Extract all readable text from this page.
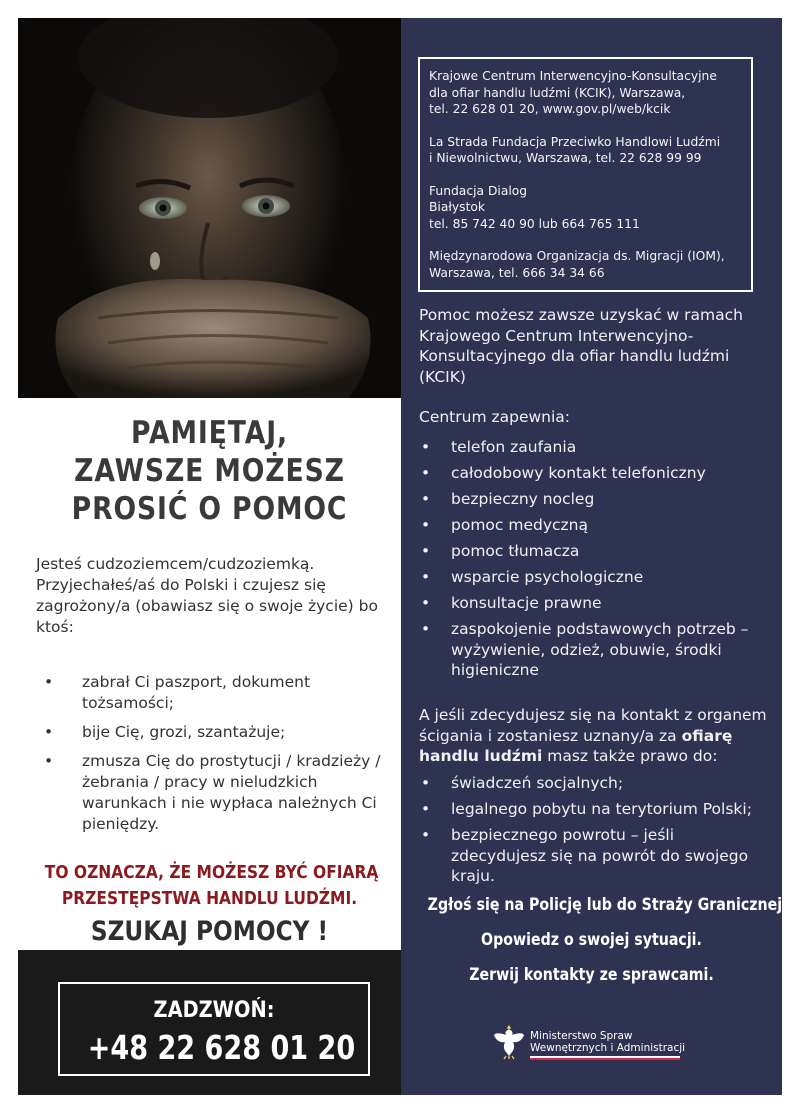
PAMIĘTAJ,
ZAWSZE MOŻESZ
PROSIĆ O POMOC
Jesteś cudzoziemcem/cudzoziemką. Przyjechałeś/aś do Polski i czujesz się zagrożony/a (obawiasz się o swoje życie) bo ktoś:
• zabrał Ci paszport, dokument tożsamości;
• bije Cię, grozi, szantażuje;
• zmusza Cię do prostytucji / kradzieży / żebrania / pracy w nieludzkich warunkach i nie wypłaca należnych Ci pieniędzy.
TO OZNACZA, ŻE MOŻESZ BYĆ OFIARĄ
PRZESTĘPSTWA HANDLU LUDŹMI.
SZUKAJ POMOCY !
ZADZWOŃ:
+48 22 628 01 20
Krajowe Centrum Interwencyjno-Konsultacyjne
dla ofiar handlu ludźmi (KCIK), Warszawa,
tel. 22 628 01 20, www.gov.pl/web/kcik
La Strada Fundacja Przeciwko Handlowi Ludźmi
i Niewolnictwu, Warszawa, tel. 22 628 99 99
Fundacja Dialog
Białystok
tel. 85 742 40 90 lub 664 765 111
Międzynarodowa Organizacja ds. Migracji (IOM),
Warszawa, tel. 666 34 34 66
Pomoc możesz zawsze uzyskać w ramach Krajowego Centrum Interwencyjno-Konsultacyjnego dla ofiar handlu ludźmi (KCIK)
Centrum zapewnia:
• telefon zaufania
• całodobowy kontakt telefoniczny
• bezpieczny nocleg
• pomoc medyczną
• pomoc tłumacza
• wsparcie psychologiczne
• konsultacje prawne
• zaspokojenie podstawowych potrzeb – wyżywienie, odzież, obuwie, środki higieniczne
A jeśli zdecydujesz się na kontakt z organem ścigania i zostaniesz uznany/a za ofiarę handlu ludźmi masz także prawo do:
• świadczeń socjalnych;
• legalnego pobytu na terytorium Polski;
• bezpiecznego powrotu – jeśli zdecydujesz się na powrót do swojego kraju.
Zgłoś się na Policję lub do Straży Granicznej.
Opowiedz o swojej sytuacji.
Zerwij kontakty ze sprawcami.
Ministerstwo Spraw
Wewnętrznych i Administracji
